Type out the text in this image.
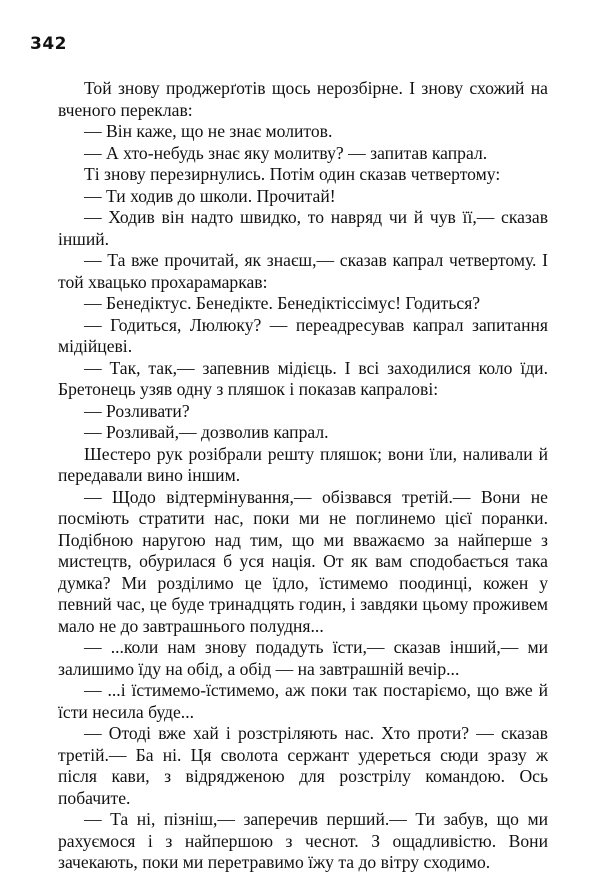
342

Той знову проджерґотів щось нерозбірне. І знову схожий на вченого переклав:

— Він каже, що не знає молитов.

— А хто-небудь знає яку молитву? — запитав капрал.

Ті знову перезирнулись. Потім один сказав четвертому:

— Ти ходив до школи. Прочитай!

— Ходив він надто швидко, то навряд чи й чув її,— сказав інший.

— Та вже прочитай, як знаєш,— сказав капрал четвертому. І той хвацько прохарамаркав:

— Бенедіктус. Бенедікте. Бенедіктіссімус! Годиться?

— Годиться, Люлюку? — переадресував капрал запитання мідійцеві.

— Так, так,— запевнив мідієць. І всі заходилися коло їди. Бретонець узяв одну з пляшок і показав капралові:

— Розливати?

— Розливай,— дозволив капрал.

Шестеро рук розібрали решту пляшок; вони їли, наливали й передавали вино іншим.

— Щодо відтермінування,— обізвався третій.— Вони не посміють стратити нас, поки ми не поглинемо цієї поранки. Подібною наругою над тим, що ми вважаємо за найперше з мистецтв, обурилася б уся нація. От як вам сподобається така думка? Ми розділимо це їдло, їстимемо поодинці, кожен у певний час, це буде тринадцять годин, і завдяки цьому проживем мало не до завтрашнього полудня...

— ...коли нам знову подадуть їсти,— сказав інший,— ми залишимо їду на обід, а обід — на завтрашній вечір...

— ...і їстимемо-їстимемо, аж поки так постаріємо, що вже й їсти несила буде...

— Отоді вже хай і розстріляють нас. Хто проти? — сказав третій.— Ба ні. Ця сволота сержант удереться сюди зразу ж після кави, з відрядженою для розстрілу командою. Ось побачите.

— Та ні, пізніш,— заперечив перший.— Ти забув, що ми рахуємося і з найпершою з чеснот. З ощадливістю. Вони зачекають, поки ми перетравимо їжу та до вітру сходимо.
